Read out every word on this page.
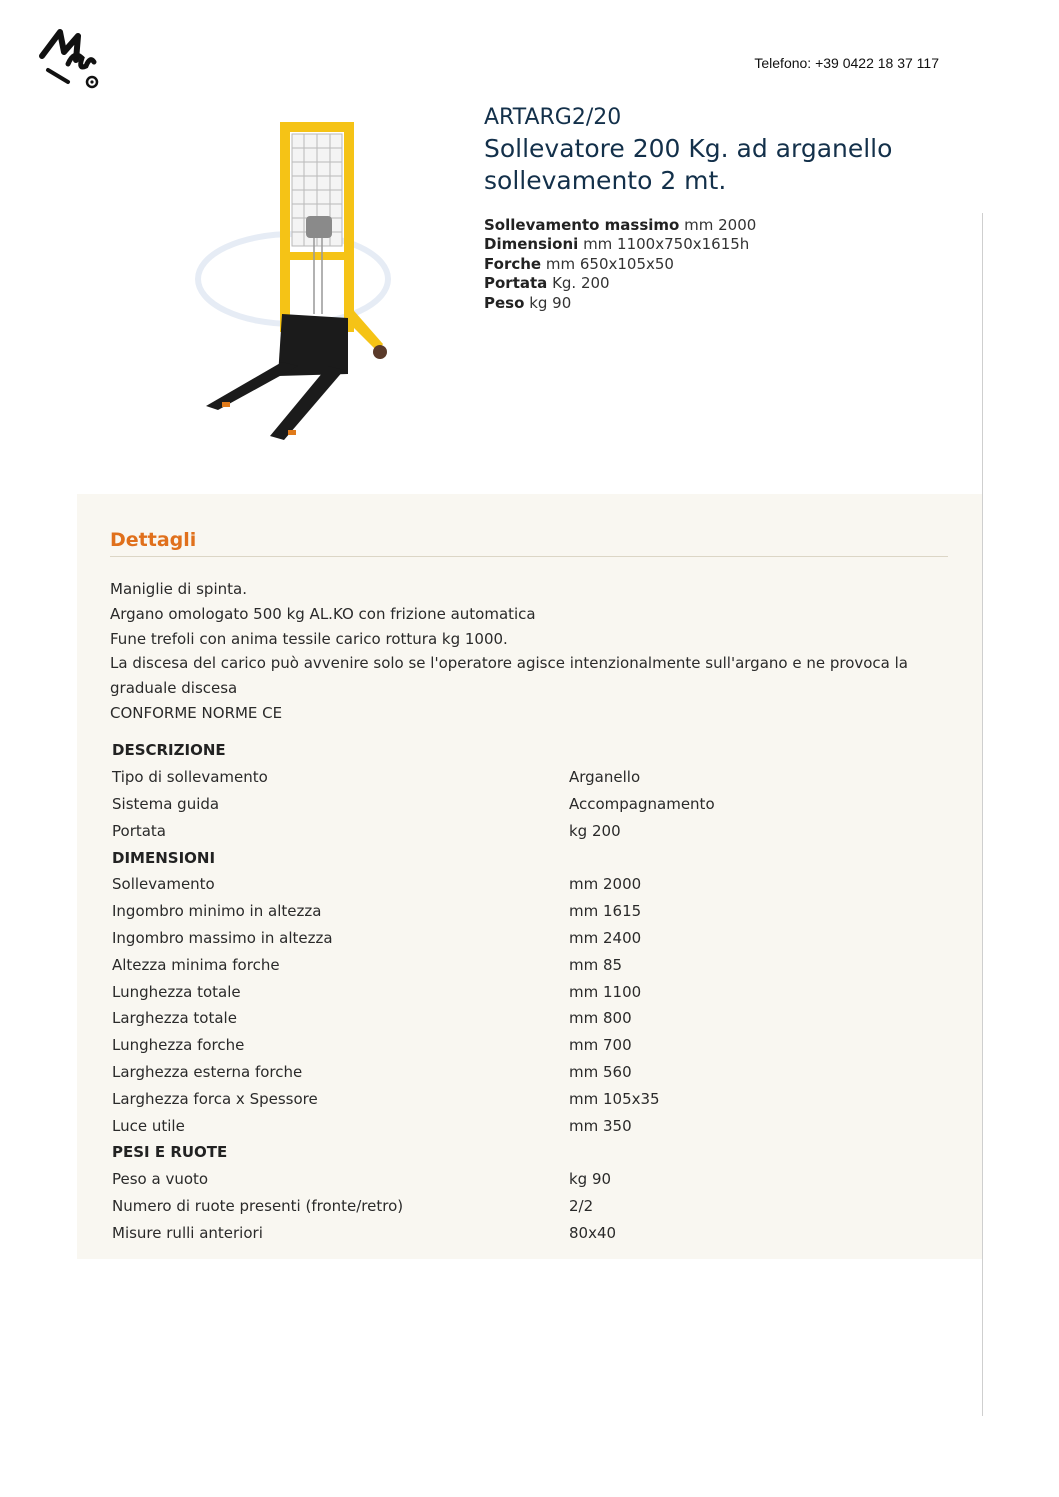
Telefono: +39 0422 18 37 117
ARTARG2/20
Sollevatore 200 Kg. ad arganello sollevamento 2 mt.
Sollevamento massimo mm 2000
Dimensioni mm 1100x750x1615h
Forche mm 650x105x50
Portata Kg. 200
Peso kg 90
Dettagli

Maniglie di spinta.

Argano omologato 500 kg AL.KO con frizione automatica

Fune trefoli con anima tessile carico rottura kg 1000.

La discesa del carico può avvenire solo se l'operatore agisce intenzionalmente sull'argano e ne provoca la graduale discesa

CONFORME NORME CE

DESCRIZIONE	
Tipo di sollevamento	Arganello
Sistema guida	Accompagnamento
Portata	kg 200
DIMENSIONI	
Sollevamento	mm 2000
Ingombro minimo in altezza	mm 1615
Ingombro massimo in altezza	mm 2400
Altezza minima forche	mm 85
Lunghezza totale	mm 1100
Larghezza totale	mm 800
Lunghezza forche	mm 700
Larghezza esterna forche	mm 560
Larghezza forca x Spessore	mm 105x35
Luce utile	mm 350
PESI E RUOTE	
Peso a vuoto	kg 90
Numero di ruote presenti (fronte/retro)	2/2
Misure rulli anteriori	80x40
